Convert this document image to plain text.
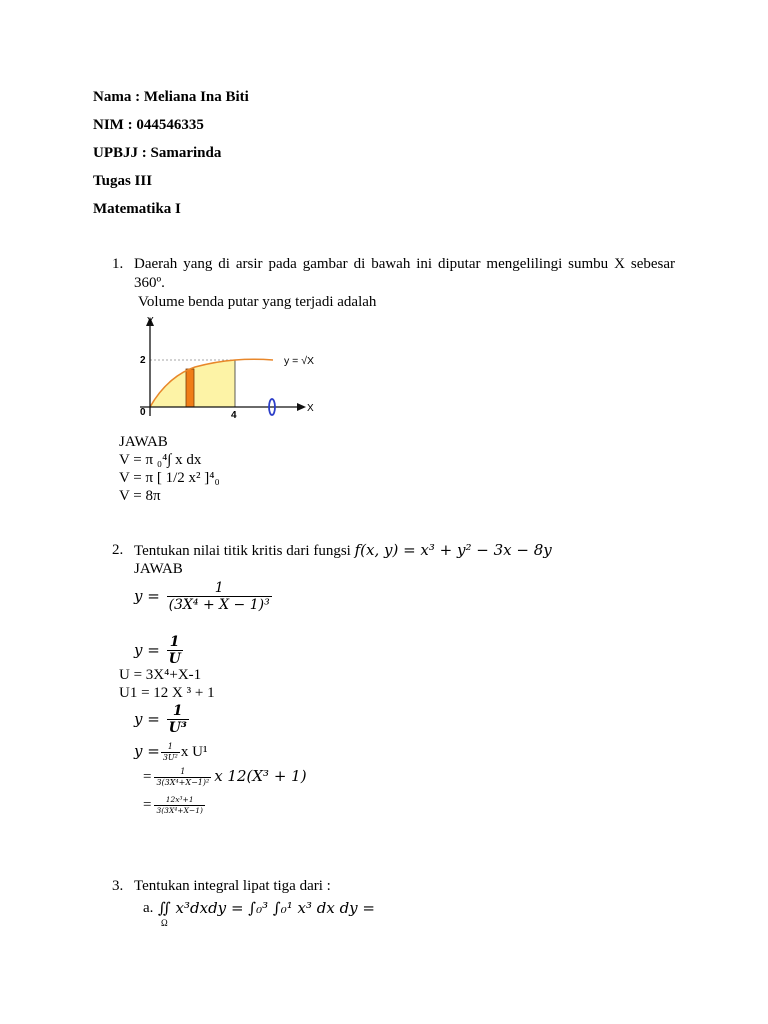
Nama : Meliana Ina Biti
NIM : 044546335
UPBJJ : Samarinda
Tugas III
Matematika I
1. Daerah yang di arsir pada gambar di bawah ini diputar mengelilingi sumbu X sebesar
360º.
Volume benda putar yang terjadi adalah
Y
X
0
2
4
y = √X
JAWAB
V = π ₀⁴∫ x dx
V = π [ 1/2 x² ]⁴₀
V = 8π
2. Tentukan nilai titik kritis dari fungsi f(x, y) = x³ + y² − 3x − 8y
JAWAB
$y = \frac{1}{\text{(3X⁴ + X − 1)³}}$
$y = \frac{1}{U}$
U = 3X⁴+X-1
U1 = 12 X ³ + 1
$y = \frac{1}{\text{U³}}$
$y = \frac{1}{\text{3U²}}$ x U¹
= $\frac{1}{\text{3(3X⁴+X−1)²}}$ x 12(X³ + 1)
= $\frac{\text{12x³+1}}{\text{3(3X⁴+X−1)}}$
3. Tentukan integral lipat tiga dari :
a. ∬ x³dxdy = ∫₀³ ∫₀¹ x³ dx dy =
Ω
